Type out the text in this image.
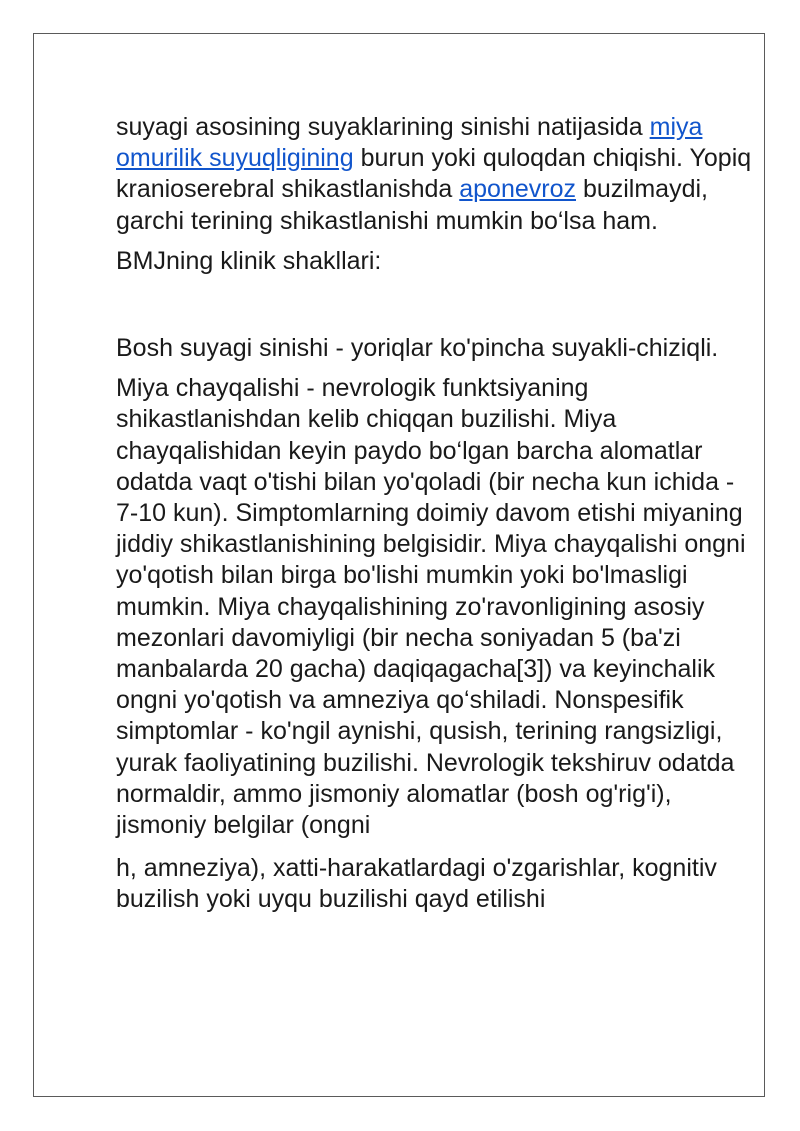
suyagi asosining suyaklarining sinishi natijasida miya omurilik suyuqligining burun yoki quloqdan chiqishi. Yopiq kranioserebral shikastlanishda aponevroz buzilmaydi, garchi terining shikastlanishi mumkin bo‘lsa ham.

BMJning klinik shakllari:

Bosh suyagi sinishi - yoriqlar ko'pincha suyakli-chiziqli.

Miya chayqalishi - nevrologik funktsiyaning shikastlanishdan kelib chiqqan buzilishi. Miya chayqalishidan keyin paydo bo‘lgan barcha alomatlar odatda vaqt o'tishi bilan yo'qoladi (bir necha kun ichida - 7-10 kun). Simptomlarning doimiy davom etishi miyaning jiddiy shikastlanishining belgisidir. Miya chayqalishi ongni yo'qotish bilan birga bo'lishi mumkin yoki bo'lmasligi mumkin. Miya chayqalishining zo'ravonligining asosiy mezonlari davomiyligi (bir necha soniyadan 5 (ba'zi manbalarda 20 gacha) daqiqagacha[3]) va keyinchalik ongni yo'qotish va amneziya qo‘shiladi. Nonspesifik simptomlar - ko'ngil aynishi, qusish, terining rangsizligi, yurak faoliyatining buzilishi. Nevrologik tekshiruv odatda normaldir, ammo jismoniy alomatlar (bosh og'rig'i), jismoniy belgilar (ongni

h, amneziya), xatti-harakatlardagi o'zgarishlar, kognitiv buzilish yoki uyqu buzilishi qayd etilishi
